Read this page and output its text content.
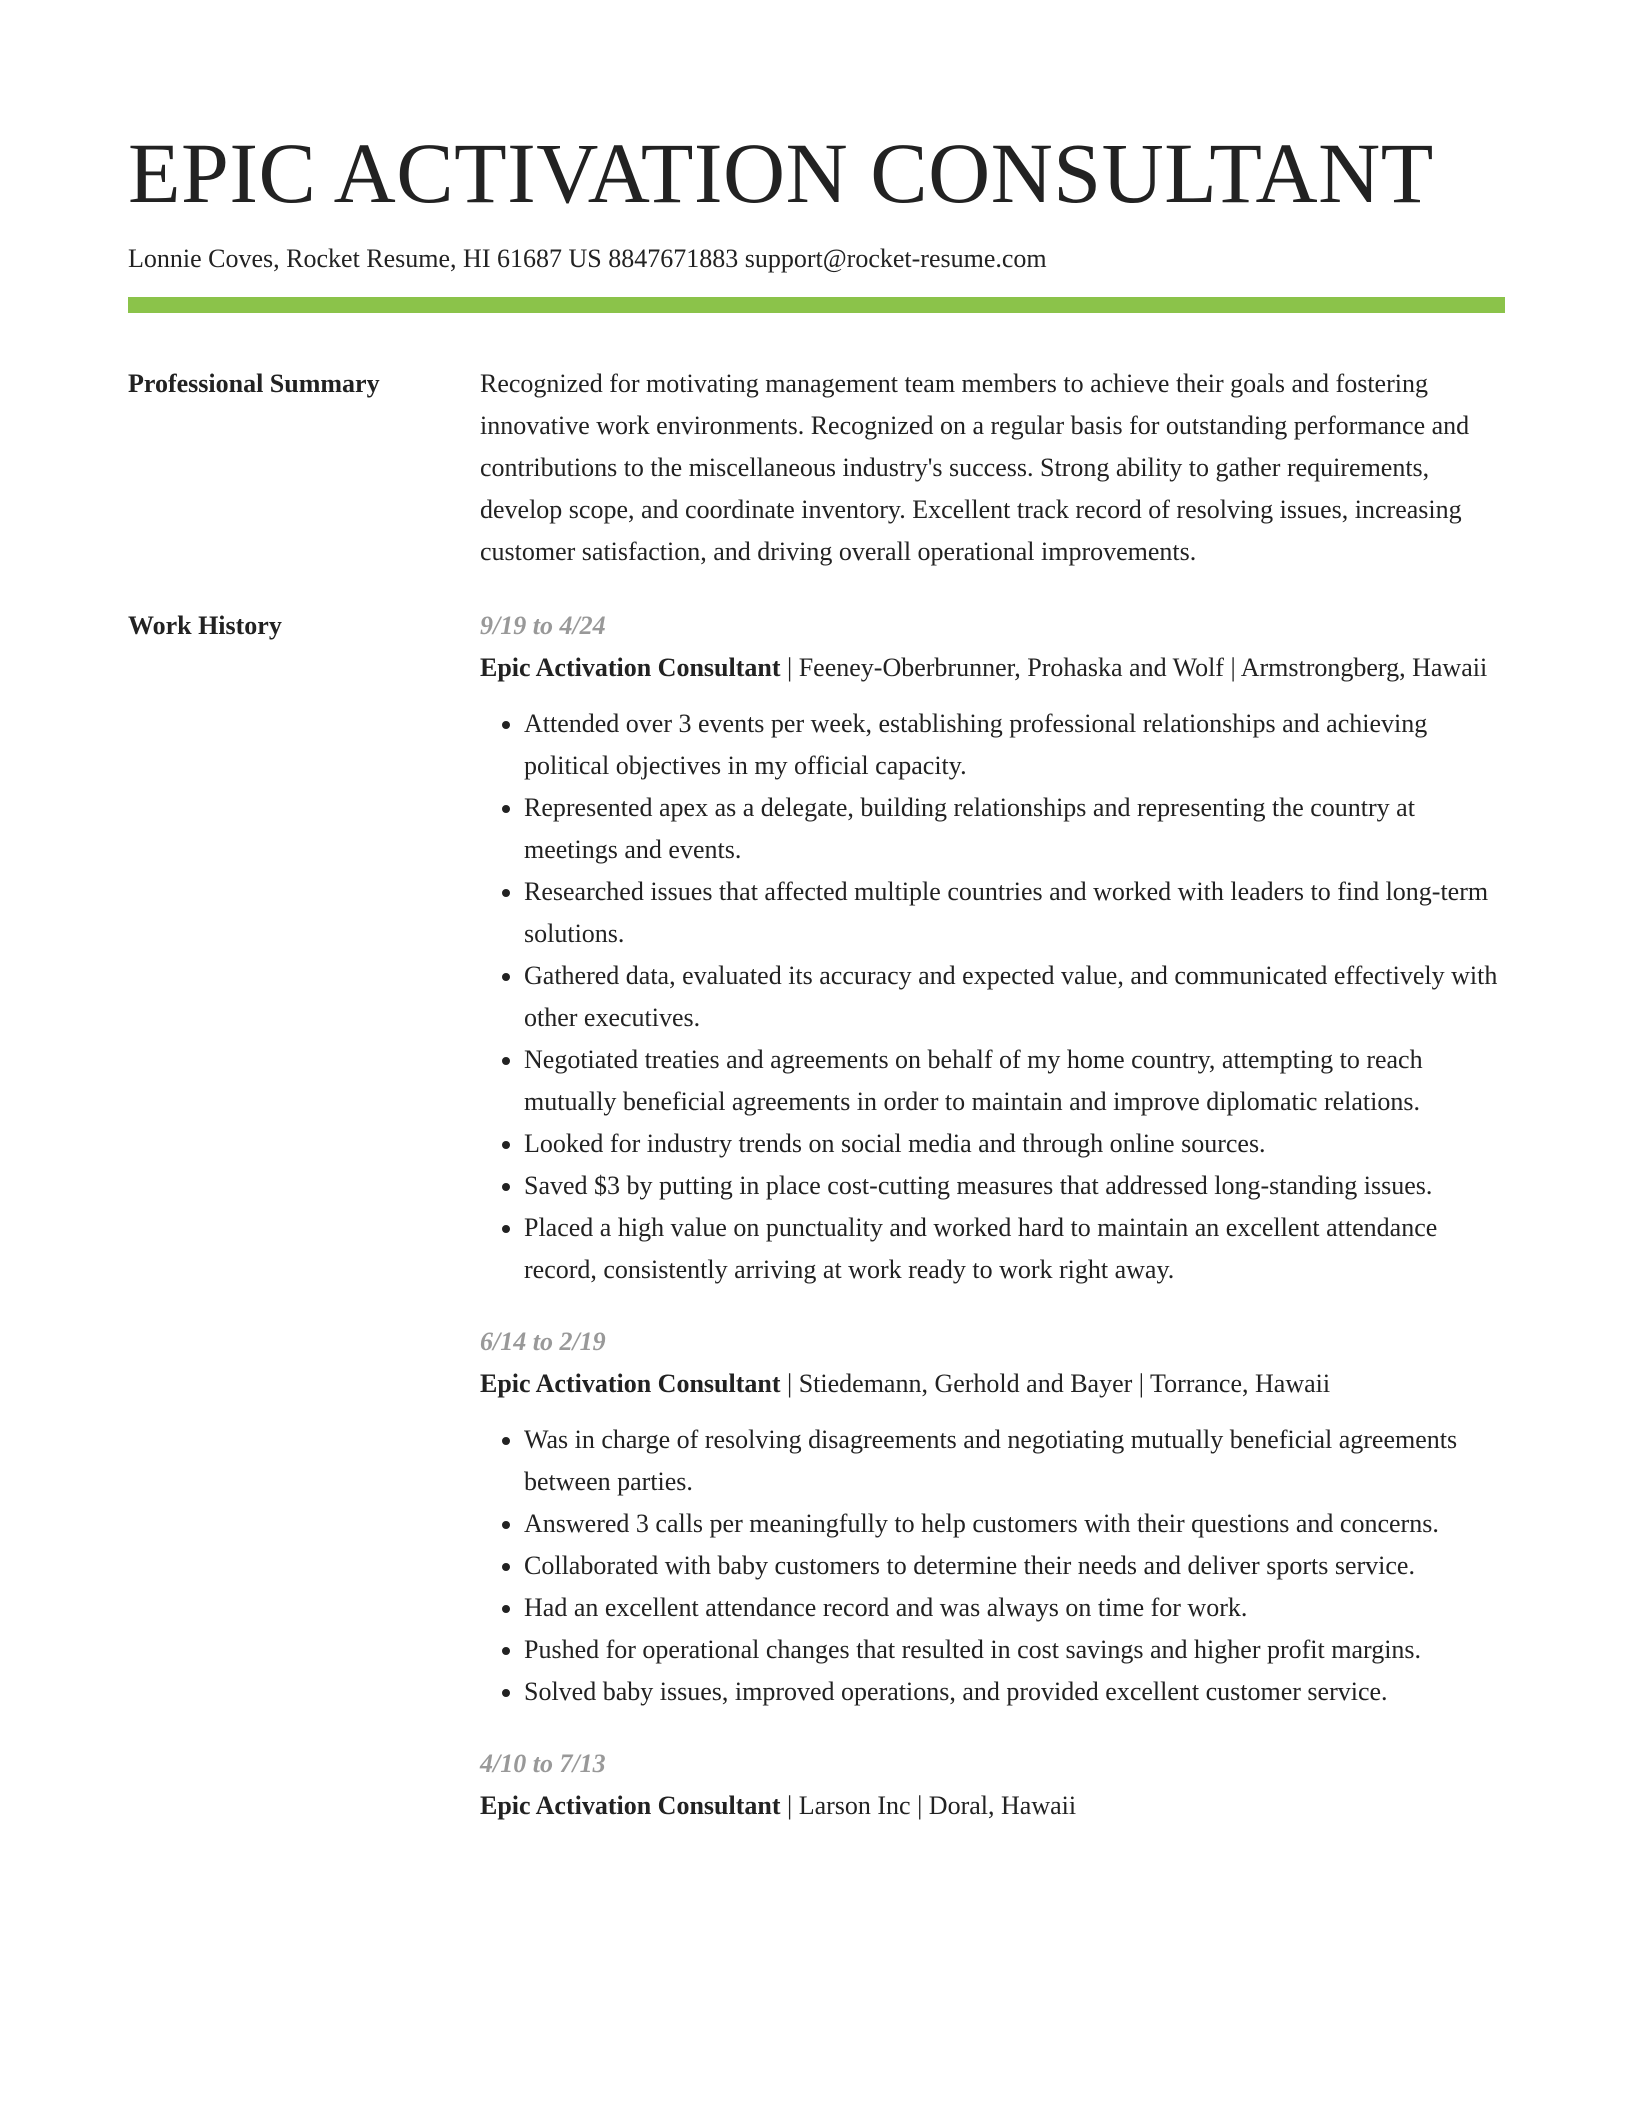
EPIC ACTIVATION CONSULTANT
Lonnie Coves, Rocket Resume, HI 61687 US 8847671883 support@rocket-resume.com
Professional Summary	Recognized for motivating management team members to achieve their goals and fostering innovative work environments. Recognized on a regular basis for outstanding performance and contributions to the miscellaneous industry's success. Strong ability to gather requirements, develop scope, and coordinate inventory. Excellent track record of resolving issues, increasing customer satisfaction, and driving overall operational improvements.
Work History	9/19 to 4/24
Epic Activation Consultant | Feeney-Oberbrunner, Prohaska and Wolf | Armstrongberg, Hawaii
• Attended over 3 events per week, establishing professional relationships and achieving political objectives in my official capacity.
• Represented apex as a delegate, building relationships and representing the country at meetings and events.
• Researched issues that affected multiple countries and worked with leaders to find long-term solutions.
• Gathered data, evaluated its accuracy and expected value, and communicated effectively with other executives.
• Negotiated treaties and agreements on behalf of my home country, attempting to reach mutually beneficial agreements in order to maintain and improve diplomatic relations.
• Looked for industry trends on social media and through online sources.
• Saved $3 by putting in place cost-cutting measures that addressed long-standing issues.
• Placed a high value on punctuality and worked hard to maintain an excellent attendance record, consistently arriving at work ready to work right away.
6/14 to 2/19
Epic Activation Consultant | Stiedemann, Gerhold and Bayer | Torrance, Hawaii
• Was in charge of resolving disagreements and negotiating mutually beneficial agreements between parties.
• Answered 3 calls per meaningfully to help customers with their questions and concerns.
• Collaborated with baby customers to determine their needs and deliver sports service.
• Had an excellent attendance record and was always on time for work.
• Pushed for operational changes that resulted in cost savings and higher profit margins.
• Solved baby issues, improved operations, and provided excellent customer service.
4/10 to 7/13
Epic Activation Consultant | Larson Inc | Doral, Hawaii
